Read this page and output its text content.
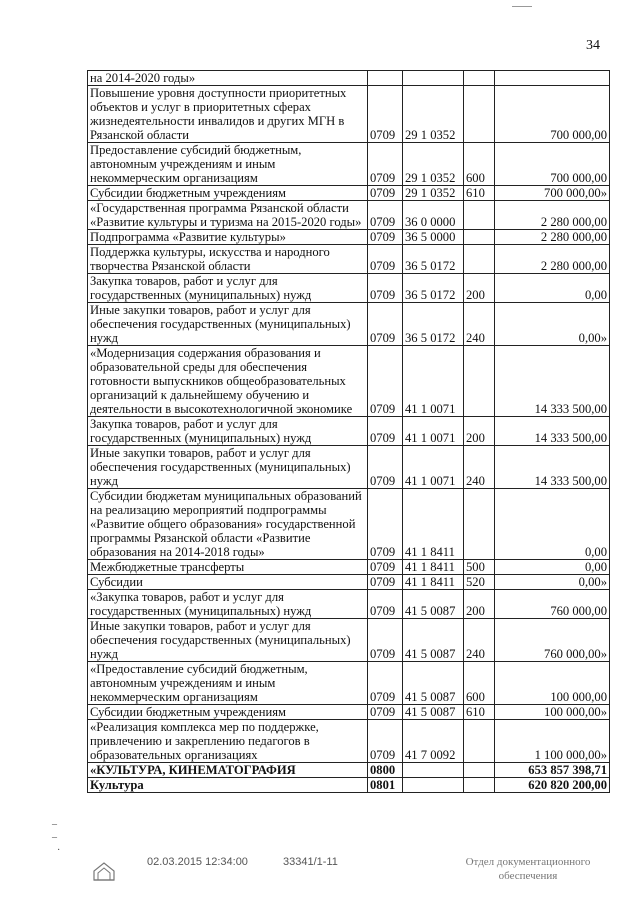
34
на 2014-2020 годы»				
Повышение уровня доступности приоритетных объектов и услуг в приоритетных сферах жизнедеятельности инвалидов и других МГН в Рязанской области	0709	29 1 0352		700 000,00
Предоставление субсидий бюджетным, автономным учреждениям и иным некоммерческим организациям	0709	29 1 0352	600	700 000,00
Субсидии бюджетным учреждениям	0709	29 1 0352	610	700 000,00»
«Государственная программа Рязанской области «Развитие культуры и туризма на 2015-2020 годы»	0709	36 0 0000		2 280 000,00
Подпрограмма «Развитие культуры»	0709	36 5 0000		2 280 000,00
Поддержка культуры, искусства и народного творчества Рязанской области	0709	36 5 0172		2 280 000,00
Закупка товаров, работ и услуг для государственных (муниципальных) нужд	0709	36 5 0172	200	0,00
Иные закупки товаров, работ и услуг для обеспечения государственных (муниципальных) нужд	0709	36 5 0172	240	0,00»
«Модернизация содержания образования и образовательной среды для обеспечения готовности выпускников общеобразовательных организаций к дальнейшему обучению и деятельности в высокотехнологичной экономике	0709	41 1 0071		14 333 500,00
Закупка товаров, работ и услуг для государственных (муниципальных) нужд	0709	41 1 0071	200	14 333 500,00
Иные закупки товаров, работ и услуг для обеспечения государственных (муниципальных) нужд	0709	41 1 0071	240	14 333 500,00
Субсидии бюджетам муниципальных образований на реализацию мероприятий подпрограммы «Развитие общего образования» государственной программы Рязанской области «Развитие образования на 2014-2018 годы»	0709	41 1 8411		0,00
Межбюджетные трансферты	0709	41 1 8411	500	0,00
Субсидии	0709	41 1 8411	520	0,00»
«Закупка товаров, работ и услуг для государственных (муниципальных) нужд	0709	41 5 0087	200	760 000,00
Иные закупки товаров, работ и услуг для обеспечения государственных (муниципальных) нужд	0709	41 5 0087	240	760 000,00»
«Предоставление субсидий бюджетным, автономным учреждениям и иным некоммерческим организациям	0709	41 5 0087	600	100 000,00
Субсидии бюджетным учреждениям	0709	41 5 0087	610	100 000,00»
«Реализация комплекса мер по поддержке, привлечению и закреплению педагогов в образовательных организациях	0709	41 7 0092		1 100 000,00»
«КУЛЬТУРА, КИНЕМАТОГРАФИЯ	0800			653 857 398,71
Культура	0801			620 820 200,00
–
–
·
02.03.2015 12:34:00	33341/1-11	Отдел документационного обеспечения
